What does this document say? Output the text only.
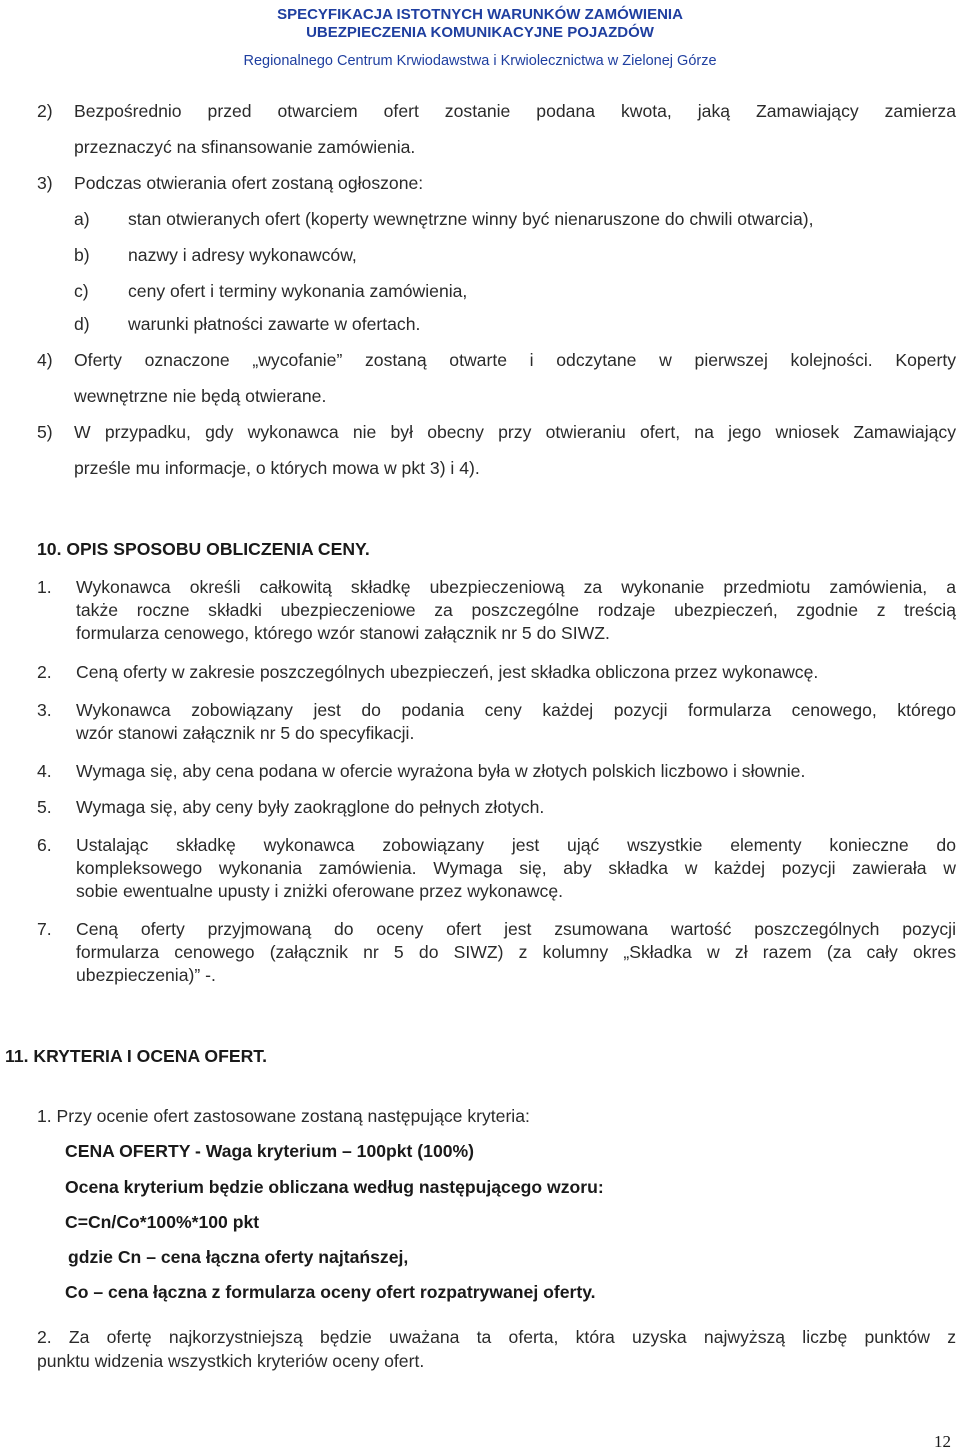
SPECYFIKACJA ISTOTNYCH WARUNKÓW ZAMÓWIENIA
UBEZPIECZENIA KOMUNIKACYJNE POJAZDÓW
Regionalnego Centrum Krwiodawstwa i Krwiolecznictwa w Zielonej Górze
2) Bezpośrednio przed otwarciem ofert zostanie podana kwota, jaką Zamawiający zamierza
przeznaczyć na sfinansowanie zamówienia.
3) Podczas otwierania ofert zostaną ogłoszone:
a) stan otwieranych ofert (koperty wewnętrzne winny być nienaruszone do chwili otwarcia),
b) nazwy i adresy wykonawców,
c) ceny ofert i terminy wykonania zamówienia,
d) warunki płatności zawarte w ofertach.
4) Oferty oznaczone „wycofanie” zostaną otwarte i odczytane w pierwszej kolejności. Koperty
wewnętrzne nie będą otwierane.
5) W przypadku, gdy wykonawca nie był obecny przy otwieraniu ofert, na jego wniosek Zamawiający
prześle mu informacje, o których mowa w pkt 3) i 4).
10. OPIS SPOSOBU OBLICZENIA CENY.
1. Wykonawca określi całkowitą składkę ubezpieczeniową za wykonanie przedmiotu zamówienia, a
także roczne składki ubezpieczeniowe za poszczególne rodzaje ubezpieczeń, zgodnie z treścią
formularza cenowego, którego wzór stanowi załącznik nr 5 do SIWZ.
2. Ceną oferty w zakresie poszczególnych ubezpieczeń, jest składka obliczona przez wykonawcę.
3. Wykonawca zobowiązany jest do podania ceny każdej pozycji formularza cenowego, którego
wzór stanowi załącznik nr 5 do specyfikacji.
4. Wymaga się, aby cena podana w ofercie wyrażona była w złotych polskich liczbowo i słownie.
5. Wymaga się, aby ceny były zaokrąglone do pełnych złotych.
6. Ustalając składkę wykonawca zobowiązany jest ująć wszystkie elementy konieczne do
kompleksowego wykonania zamówienia. Wymaga się, aby składka w każdej pozycji zawierała w
sobie ewentualne upusty i zniżki oferowane przez wykonawcę.
7. Ceną oferty przyjmowaną do oceny ofert jest zsumowana wartość poszczególnych pozycji
formularza cenowego (załącznik nr 5 do SIWZ) z kolumny „Składka w zł razem (za cały okres
ubezpieczenia)” -.
11. KRYTERIA I OCENA OFERT.
1. Przy ocenie ofert zastosowane zostaną następujące kryteria:
CENA OFERTY - Waga kryterium – 100pkt (100%)
Ocena kryterium będzie obliczana według następującego wzoru:
C=Cn/Co*100%*100 pkt
gdzie Cn – cena łączna oferty najtańszej,
Co – cena łączna z formularza oceny ofert rozpatrywanej oferty.
2. Za ofertę najkorzystniejszą będzie uważana ta oferta, która uzyska najwyższą liczbę punktów z
punktu widzenia wszystkich kryteriów oceny ofert.
12
